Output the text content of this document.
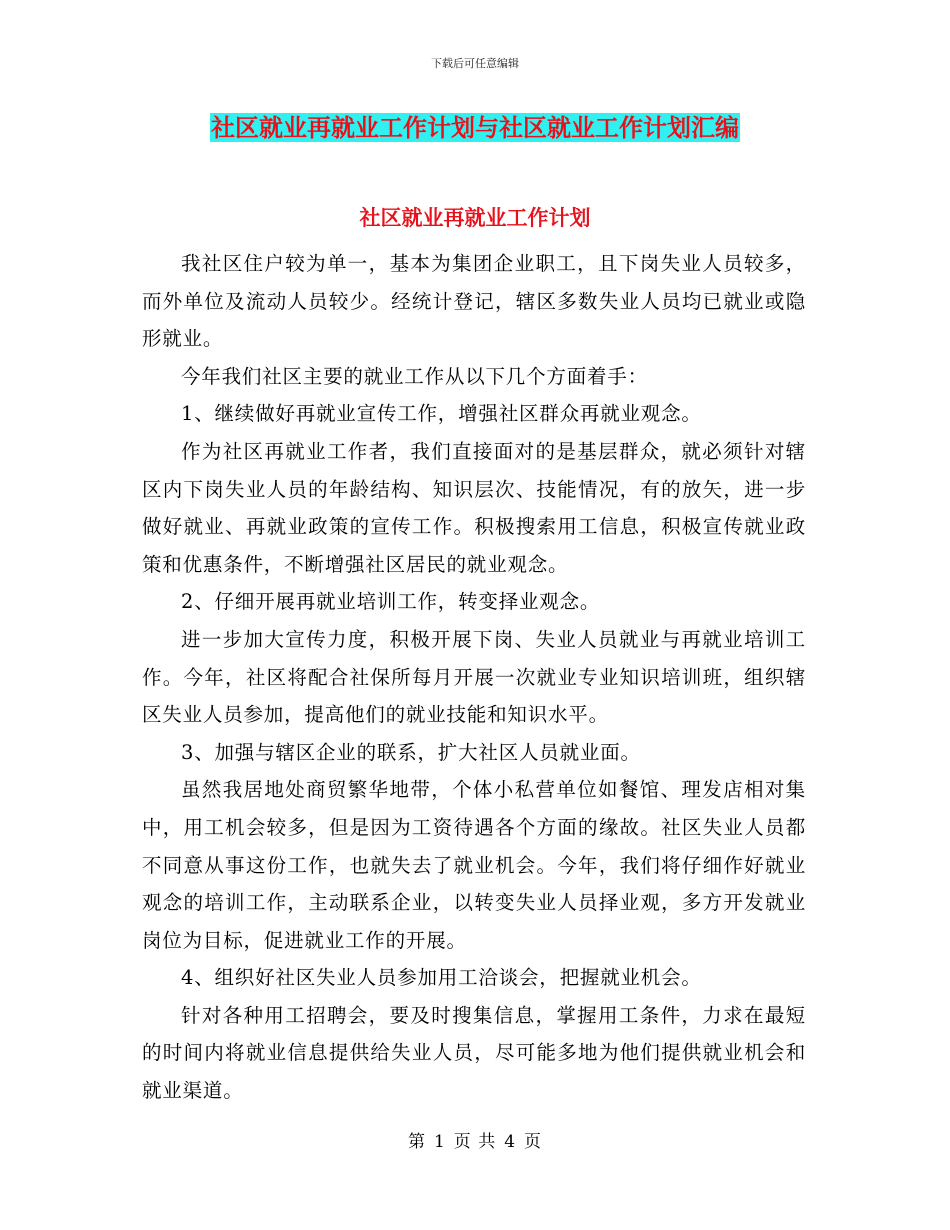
下载后可任意编辑
社区就业再就业工作计划与社区就业工作计划汇编
社区就业再就业工作计划

我社区住户较为单一，基本为集团企业职工，且下岗失业人员较多，而外单位及流动人员较少。经统计登记，辖区多数失业人员均已就业或隐形就业。

今年我们社区主要的就业工作从以下几个方面着手：

1、继续做好再就业宣传工作，增强社区群众再就业观念。

作为社区再就业工作者，我们直接面对的是基层群众，就必须针对辖区内下岗失业人员的年龄结构、知识层次、技能情况，有的放矢，进一步做好就业、再就业政策的宣传工作。积极搜索用工信息，积极宣传就业政策和优惠条件，不断增强社区居民的就业观念。

2、仔细开展再就业培训工作，转变择业观念。

进一步加大宣传力度，积极开展下岗、失业人员就业与再就业培训工作。今年，社区将配合社保所每月开展一次就业专业知识培训班，组织辖区失业人员参加，提高他们的就业技能和知识水平。

3、加强与辖区企业的联系，扩大社区人员就业面。

虽然我居地处商贸繁华地带，个体小私营单位如餐馆、理发店相对集中，用工机会较多，但是因为工资待遇各个方面的缘故。社区失业人员都不同意从事这份工作，也就失去了就业机会。今年，我们将仔细作好就业观念的培训工作，主动联系企业，以转变失业人员择业观，多方开发就业岗位为目标，促进就业工作的开展。

4、组织好社区失业人员参加用工洽谈会，把握就业机会。

针对各种用工招聘会，要及时搜集信息，掌握用工条件，力求在最短的时间内将就业信息提供给失业人员，尽可能多地为他们提供就业机会和就业渠道。

第 1 页 共 4 页
